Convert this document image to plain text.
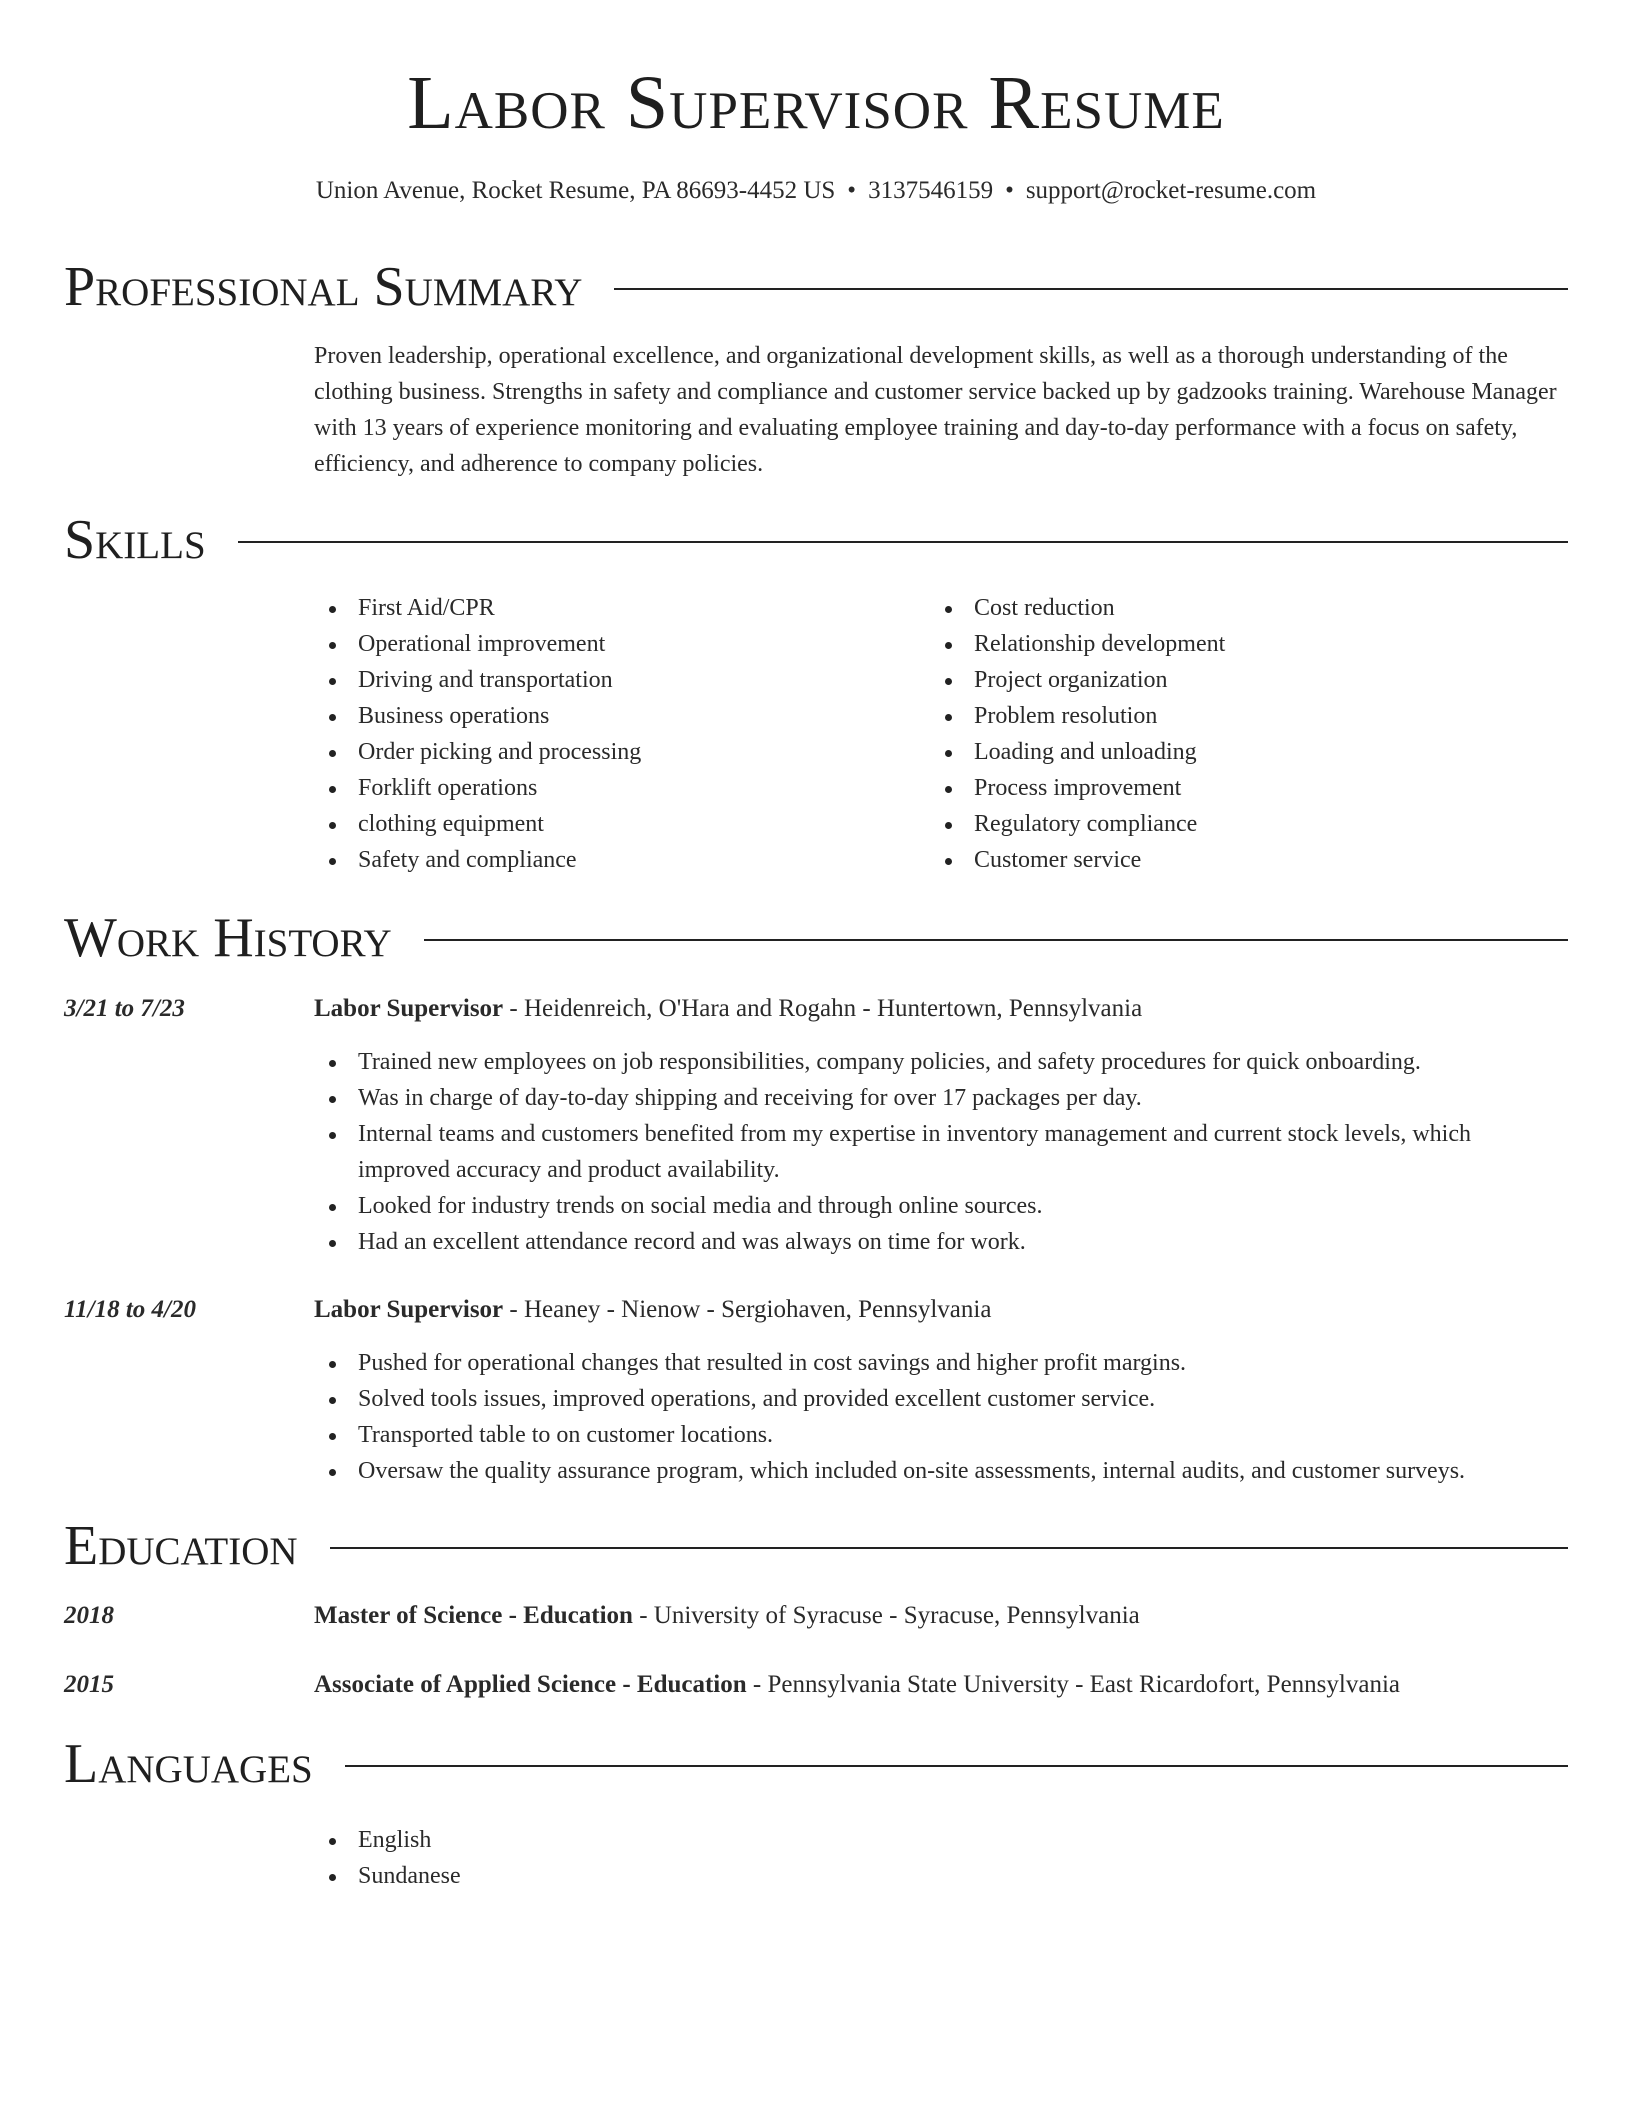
Labor Supervisor Resume
Union Avenue, Rocket Resume, PA 86693-4452 US • 3137546159 • support@rocket-resume.com
Professional Summary
Proven leadership, operational excellence, and organizational development skills, as well as a thorough understanding of the clothing business. Strengths in safety and compliance and customer service backed up by gadzooks training. Warehouse Manager with 13 years of experience monitoring and evaluating employee training and day-to-day performance with a focus on safety, efficiency, and adherence to company policies.
Skills
First Aid/CPR
Operational improvement
Driving and transportation
Business operations
Order picking and processing
Forklift operations
clothing equipment
Safety and compliance
Cost reduction
Relationship development
Project organization
Problem resolution
Loading and unloading
Process improvement
Regulatory compliance
Customer service
Work History
3/21 to 7/23	Labor Supervisor - Heidenreich, O'Hara and Rogahn - Huntertown, Pennsylvania
Trained new employees on job responsibilities, company policies, and safety procedures for quick onboarding.
Was in charge of day-to-day shipping and receiving for over 17 packages per day.
Internal teams and customers benefited from my expertise in inventory management and current stock levels, which improved accuracy and product availability.
Looked for industry trends on social media and through online sources.
Had an excellent attendance record and was always on time for work.
11/18 to 4/20	Labor Supervisor - Heaney - Nienow - Sergiohaven, Pennsylvania
Pushed for operational changes that resulted in cost savings and higher profit margins.
Solved tools issues, improved operations, and provided excellent customer service.
Transported table to on customer locations.
Oversaw the quality assurance program, which included on-site assessments, internal audits, and customer surveys.
Education
2018	Master of Science - Education - University of Syracuse - Syracuse, Pennsylvania
2015	Associate of Applied Science - Education - Pennsylvania State University - East Ricardofort, Pennsylvania
Languages
English
Sundanese
